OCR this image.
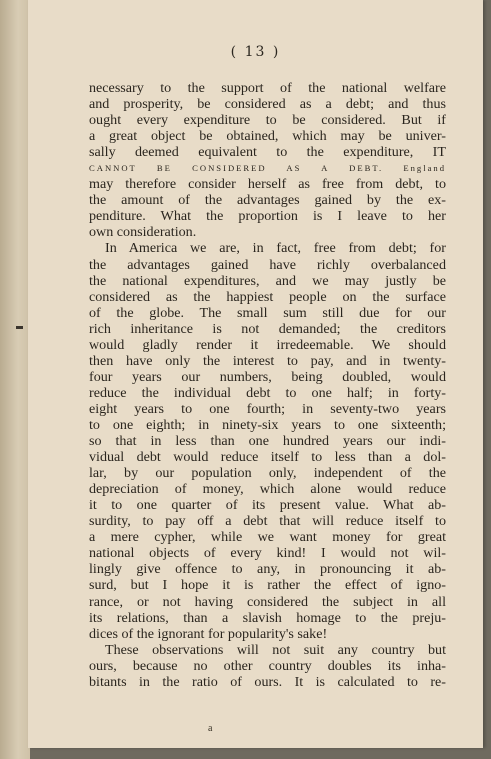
( 13 )
necessary to the support of the national welfare
and prosperity, be considered as a debt; and thus
ought every expenditure to be considered. But if
a great object be obtained, which may be univer-
sally deemed equivalent to the expenditure, IT
CANNOT BE CONSIDERED AS A DEBT. England
may therefore consider herself as free from debt, to
the amount of the advantages gained by the ex-
penditure. What the proportion is I leave to her
own consideration.
In America we are, in fact, free from debt; for
the advantages gained have richly overbalanced
the national expenditures, and we may justly be
considered as the happiest people on the surface
of the globe. The small sum still due for our
rich inheritance is not demanded; the creditors
would gladly render it irredeemable. We should
then have only the interest to pay, and in twenty-
four years our numbers, being doubled, would
reduce the individual debt to one half; in forty-
eight years to one fourth; in seventy-two years
to one eighth; in ninety-six years to one sixteenth;
so that in less than one hundred years our indi-
vidual debt would reduce itself to less than a dol-
lar, by our population only, independent of the
depreciation of money, which alone would reduce
it to one quarter of its present value. What ab-
surdity, to pay off a debt that will reduce itself to
a mere cypher, while we want money for great
national objects of every kind! I would not wil-
lingly give offence to any, in pronouncing it ab-
surd, but I hope it is rather the effect of igno-
rance, or not having considered the subject in all
its relations, than a slavish homage to the preju-
dices of the ignorant for popularity's sake!
These observations will not suit any country but
ours, because no other country doubles its inha-
bitants in the ratio of ours. It is calculated to re-
a
